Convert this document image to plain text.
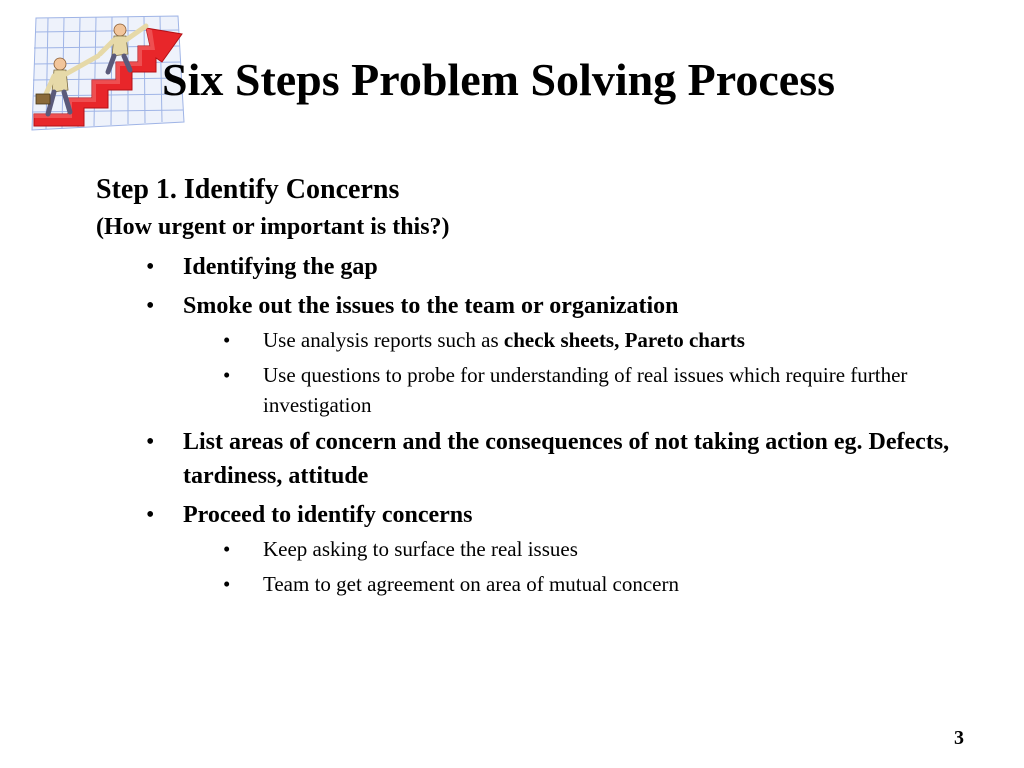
Six Steps Problem Solving Process

Step 1. Identify Concerns

(How urgent or important is this?)

• Identifying the gap
• Smoke out the issues to the team or organization
• Use analysis reports such as check sheets, Pareto charts
• Use questions to probe for understanding of real issues which require further investigation
• List areas of concern and the consequences of not taking action eg. Defects, tardiness, attitude
• Proceed to identify concerns
• Keep asking to surface the real issues
• Team to get agreement on area of mutual concern
3
